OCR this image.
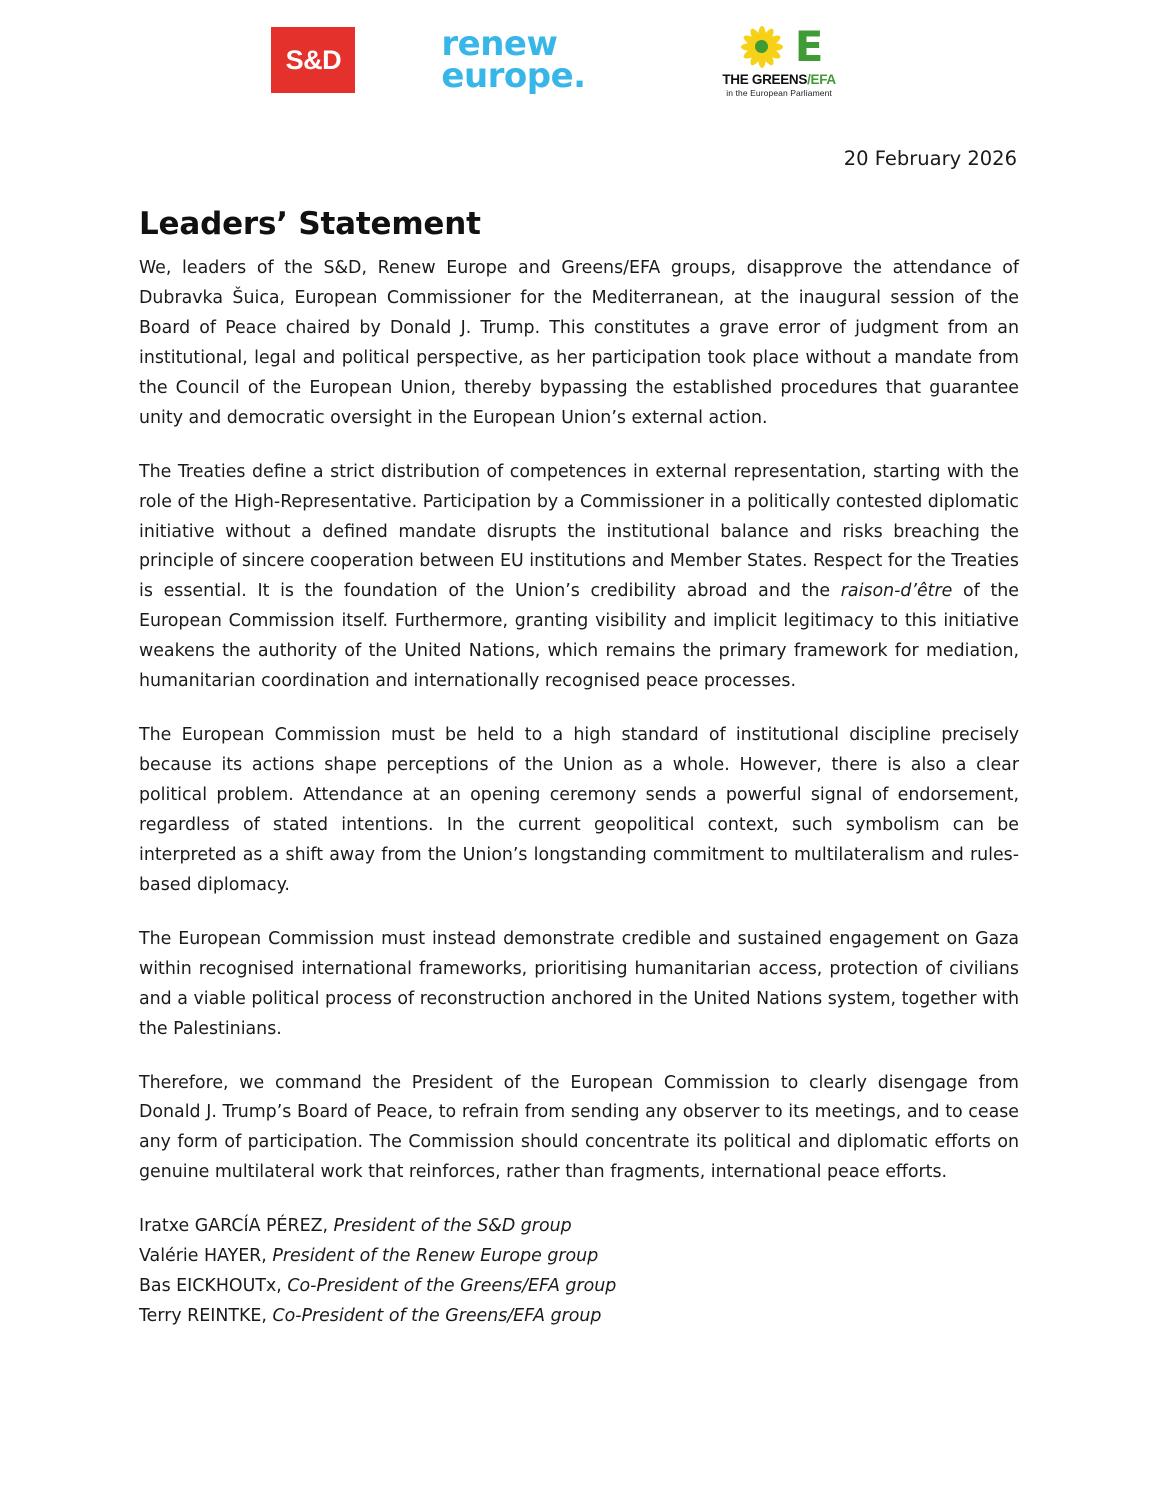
S&D	renew
europe.
E
THE GREENS/EFA
in the European Parliament
20 February 2026
Leaders’ Statement

We, leaders of the S&D, Renew Europe and Greens/EFA groups, disapprove the attendance of Dubravka Šuica, European Commissioner for the Mediterranean, at the inaugural session of the Board of Peace chaired by Donald J. Trump. This constitutes a grave error of judgment from an institutional, legal and political perspective, as her participation took place without a mandate from the Council of the European Union, thereby bypassing the established procedures that guarantee unity and democratic oversight in the European Union’s external action.

The Treaties define a strict distribution of competences in external representation, starting with the role of the High-Representative. Participation by a Commissioner in a politically contested diplomatic initiative without a defined mandate disrupts the institutional balance and risks breaching the principle of sincere cooperation between EU institutions and Member States. Respect for the Treaties is essential. It is the foundation of the Union’s credibility abroad and the raison-d’être of the European Commission itself. Furthermore, granting visibility and implicit legitimacy to this initiative weakens the authority of the United Nations, which remains the primary framework for mediation, humanitarian coordination and internationally recognised peace processes.

The European Commission must be held to a high standard of institutional discipline precisely because its actions shape perceptions of the Union as a whole. However, there is also a clear political problem. Attendance at an opening ceremony sends a powerful signal of endorsement, regardless of stated intentions. In the current geopolitical context, such symbolism can be interpreted as a shift away from the Union’s longstanding commitment to multilateralism and rules-based diplomacy.

The European Commission must instead demonstrate credible and sustained engagement on Gaza within recognised international frameworks, prioritising humanitarian access, protection of civilians and a viable political process of reconstruction anchored in the United Nations system, together with the Palestinians.

Therefore, we command the President of the European Commission to clearly disengage from Donald J. Trump’s Board of Peace, to refrain from sending any observer to its meetings, and to cease any form of participation. The Commission should concentrate its political and diplomatic efforts on genuine multilateral work that reinforces, rather than fragments, international peace efforts.

Iratxe GARCÍA PÉREZ, President of the S&D group
Valérie HAYER, President of the Renew Europe group
Bas EICKHOUTx, Co-President of the Greens/EFA group
Terry REINTKE, Co-President of the Greens/EFA group
